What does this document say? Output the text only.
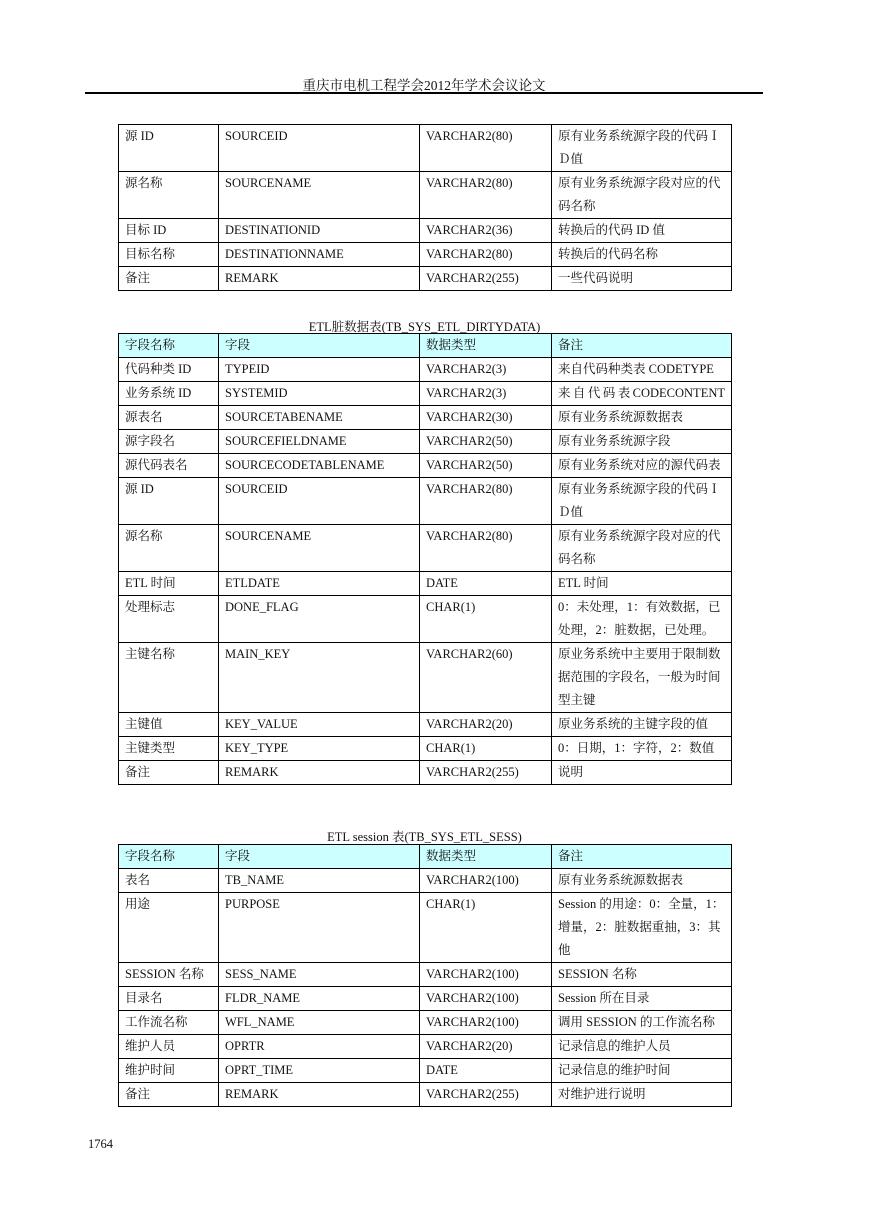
重庆市电机工程学会2012年学术会议论文
源 ID	SOURCEID	VARCHAR2(80)	原有业务系统源字段的代码ＩＤ值
源名称	SOURCENAME	VARCHAR2(80)	原有业务系统源字段对应的代码名称
目标 ID	DESTINATIONID	VARCHAR2(36)	转换后的代码 ID 值
目标名称	DESTINATIONNAME	VARCHAR2(80)	转换后的代码名称
备注	REMARK	VARCHAR2(255)	一些代码说明
ETL脏数据表(TB_SYS_ETL_DIRTYDATA)
字段名称	字段	数据类型	备注
代码种类 ID	TYPEID	VARCHAR2(3)	来自代码种类表 CODETYPE
业务系统 ID	SYSTEMID	VARCHAR2(3)	来自代码表CODECONTENT
源表名	SOURCETABENAME	VARCHAR2(30)	原有业务系统源数据表
源字段名	SOURCEFIELDNAME	VARCHAR2(50)	原有业务系统源字段
源代码表名	SOURCECODETABLENAME	VARCHAR2(50)	原有业务系统对应的源代码表
源 ID	SOURCEID	VARCHAR2(80)	原有业务系统源字段的代码ＩＤ值
源名称	SOURCENAME	VARCHAR2(80)	原有业务系统源字段对应的代码名称
ETL 时间	ETLDATE	DATE	ETL 时间
处理标志	DONE_FLAG	CHAR(1)	0：未处理，1：有效数据，已处理，2：脏数据，已处理。
主键名称	MAIN_KEY	VARCHAR2(60)	原业务系统中主要用于限制数据范围的字段名，一般为时间型主键
主键值	KEY_VALUE	VARCHAR2(20)	原业务系统的主键字段的值
主键类型	KEY_TYPE	CHAR(1)	0：日期，1：字符，2：数值
备注	REMARK	VARCHAR2(255)	说明
ETL session 表(TB_SYS_ETL_SESS)
字段名称	字段	数据类型	备注
表名	TB_NAME	VARCHAR2(100)	原有业务系统源数据表
用途	PURPOSE	CHAR(1)	Session 的用途：0：全量，1：增量，2：脏数据重抽，3：其他
SESSION 名称	SESS_NAME	VARCHAR2(100)	SESSION 名称
目录名	FLDR_NAME	VARCHAR2(100)	Session 所在目录
工作流名称	WFL_NAME	VARCHAR2(100)	调用 SESSION 的工作流名称
维护人员	OPRTR	VARCHAR2(20)	记录信息的维护人员
维护时间	OPRT_TIME	DATE	记录信息的维护时间
备注	REMARK	VARCHAR2(255)	对维护进行说明
1764
